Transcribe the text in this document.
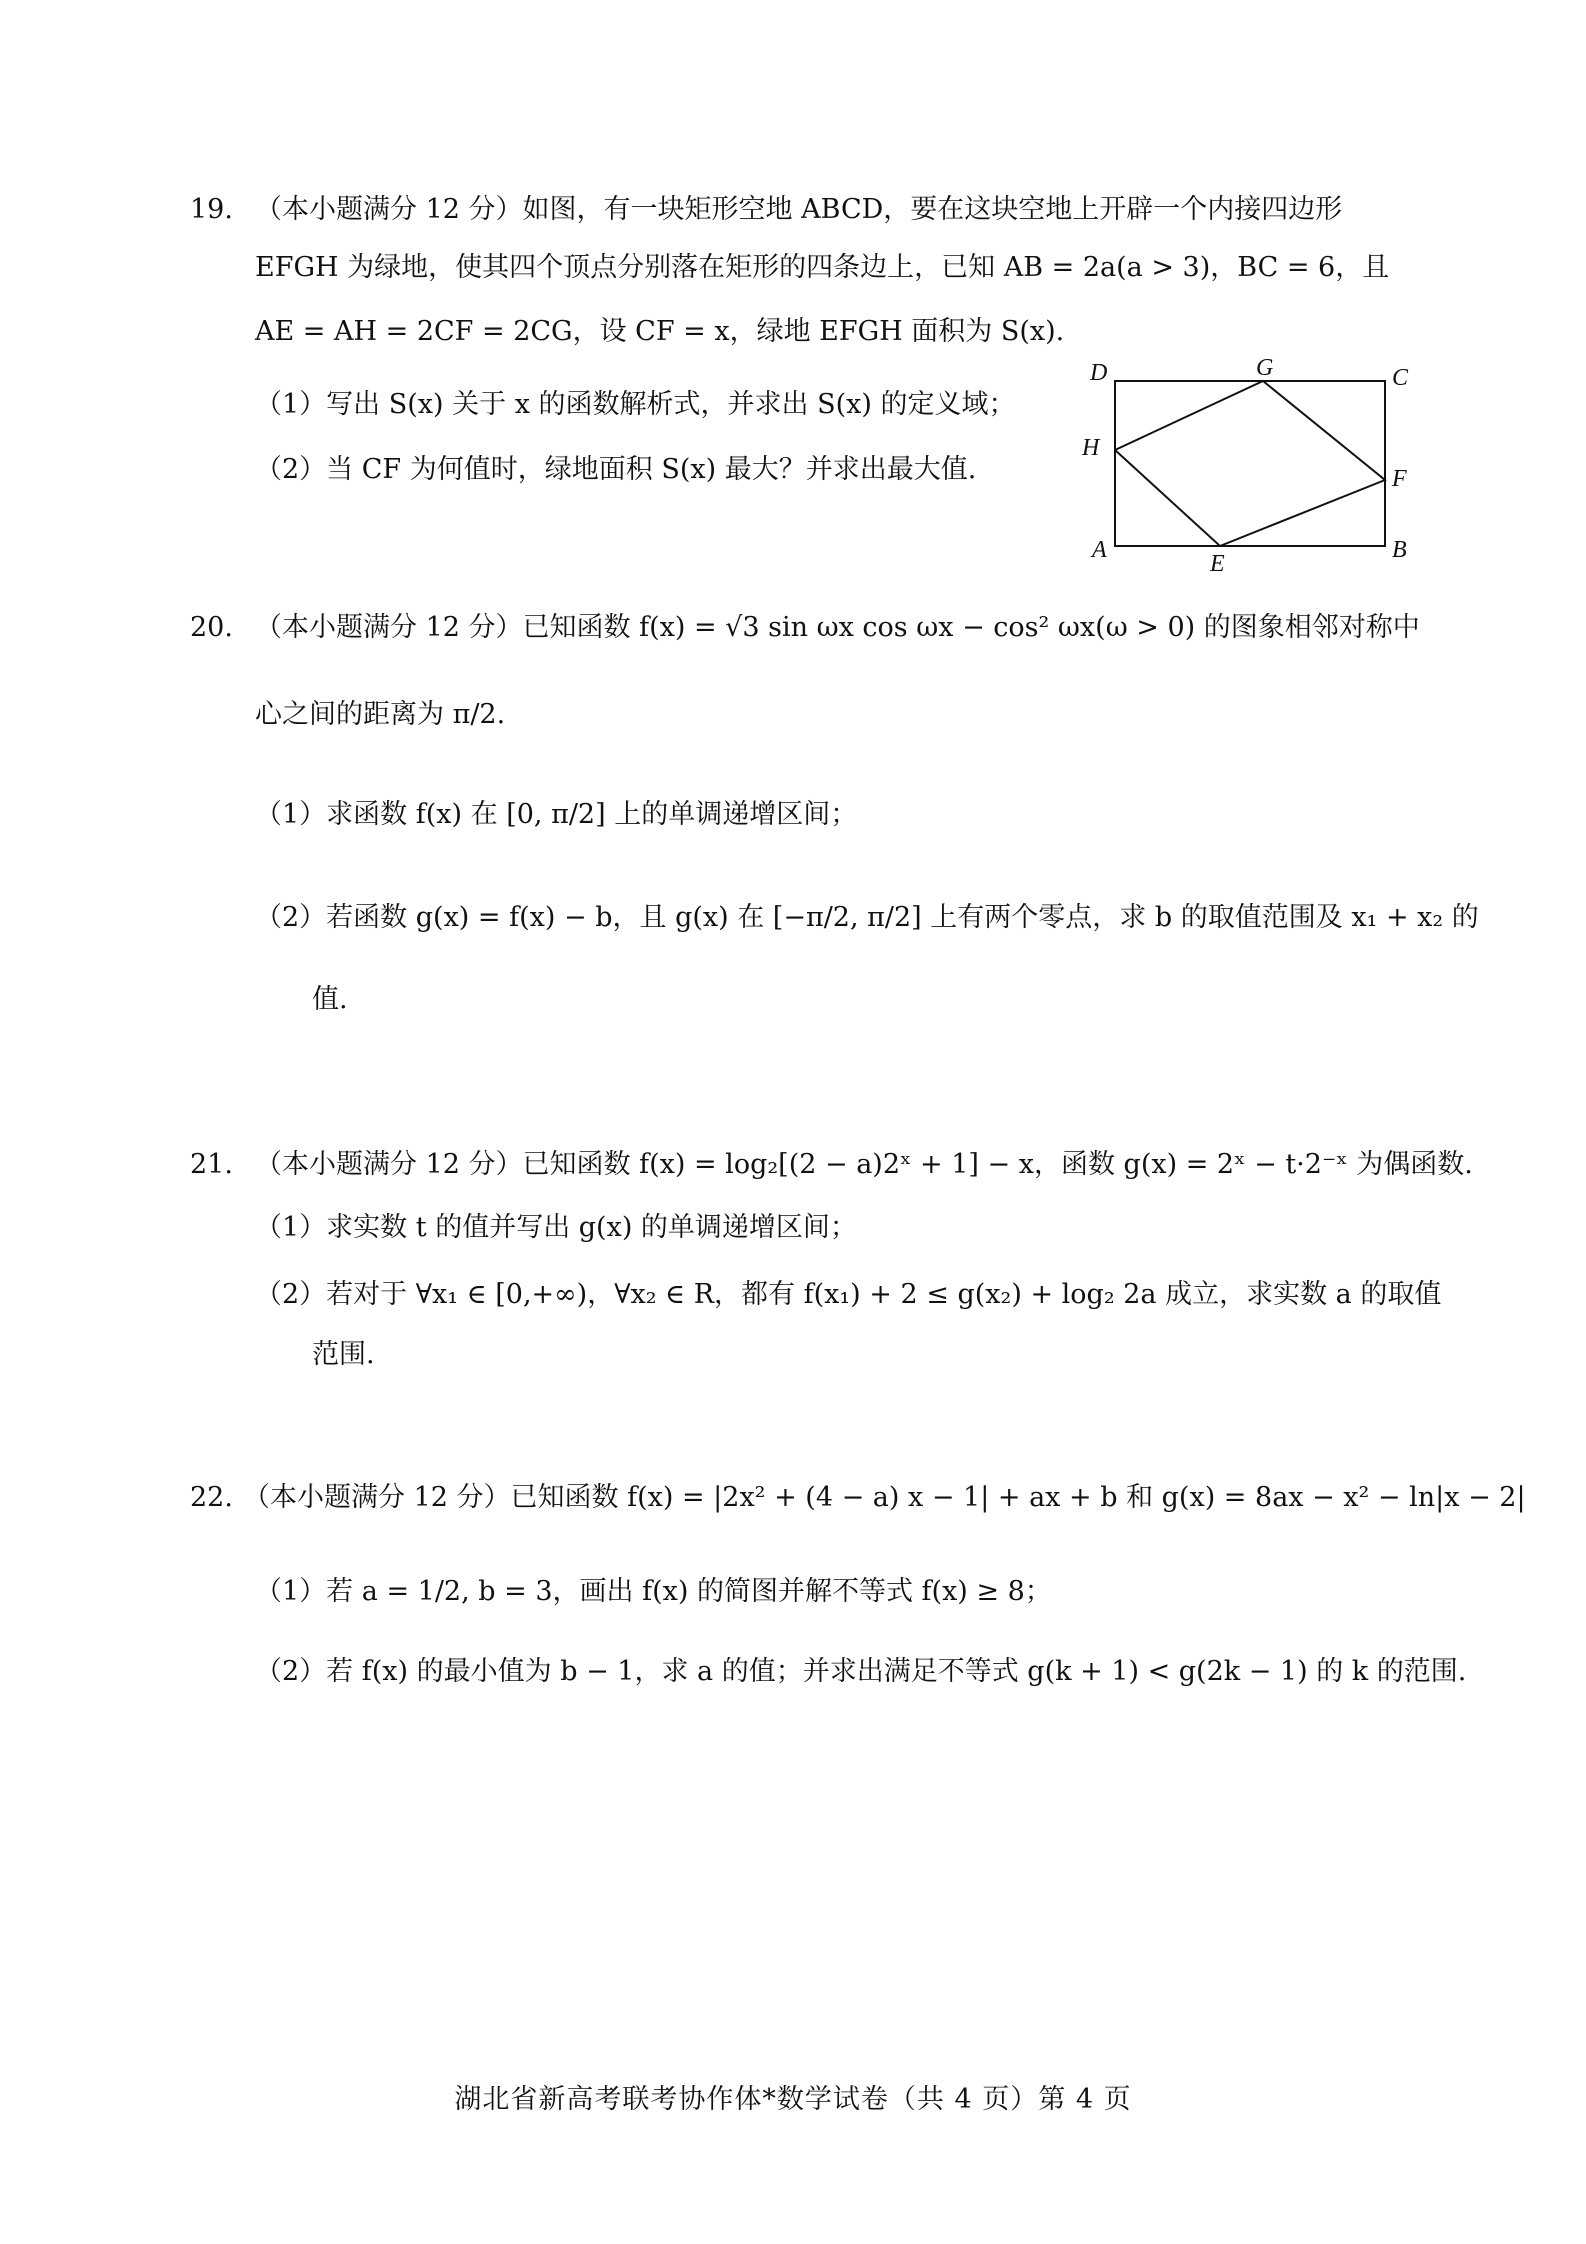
19. （本小题满分 12 分）如图，有一块矩形空地 ABCD，要在这块空地上开辟一个内接四边形
EFGH 为绿地，使其四个顶点分别落在矩形的四条边上，已知 AB = 2a(a > 3)，BC = 6，且
AE = AH = 2CF = 2CG，设 CF = x，绿地 EFGH 面积为 S(x).
（1）写出 S(x) 关于 x 的函数解析式，并求出 S(x) 的定义域；
（2）当 CF 为何值时，绿地面积 S(x) 最大？并求出最大值.
D	G	C
H
F
A
E
B
20. （本小题满分 12 分）已知函数 f(x) = √3 sin ωx cos ωx − cos² ωx(ω > 0) 的图象相邻对称中
心之间的距离为 π/2.
（1）求函数 f(x) 在 [0, π/2] 上的单调递增区间；
（2）若函数 g(x) = f(x) − b，且 g(x) 在 [−π/2, π/2] 上有两个零点，求 b 的取值范围及 x₁ + x₂ 的
值.
21. （本小题满分 12 分）已知函数 f(x) = log₂[(2 − a)2ˣ + 1] − x，函数 g(x) = 2ˣ − t·2⁻ˣ 为偶函数.
（1）求实数 t 的值并写出 g(x) 的单调递增区间；
（2）若对于 ∀x₁ ∈ [0,+∞)，∀x₂ ∈ R，都有 f(x₁) + 2 ≤ g(x₂) + log₂ 2a 成立，求实数 a 的取值
范围.
22. （本小题满分 12 分）已知函数 f(x) = |2x² + (4 − a) x − 1| + ax + b 和 g(x) = 8ax − x² − ln|x − 2|
（1）若 a = 1/2, b = 3，画出 f(x) 的简图并解不等式 f(x) ≥ 8；
（2）若 f(x) 的最小值为 b − 1，求 a 的值；并求出满足不等式 g(k + 1) < g(2k − 1) 的 k 的范围.
湖北省新高考联考协作体*数学试卷（共 4 页）第 4 页
